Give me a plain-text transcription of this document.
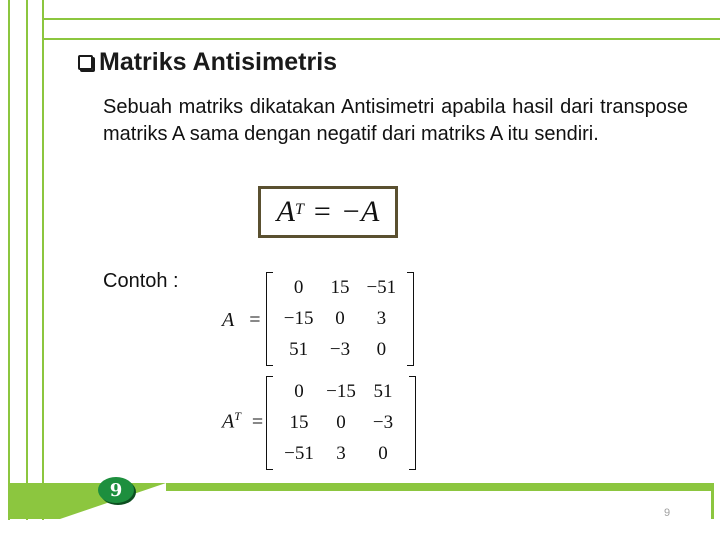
9
9
Matriks Antisimetris
Sebuah matriks dikatakan Antisimetri apabila hasil dari transpose matriks A sama dengan negatif dari matriks A itu sendiri.
$A^T = -A$
Contoh :
A =
0 15 −51
−15 0 3
51 −3 0
$A^T$ =
0 −15 51
15 0 −3
−51 3 0
